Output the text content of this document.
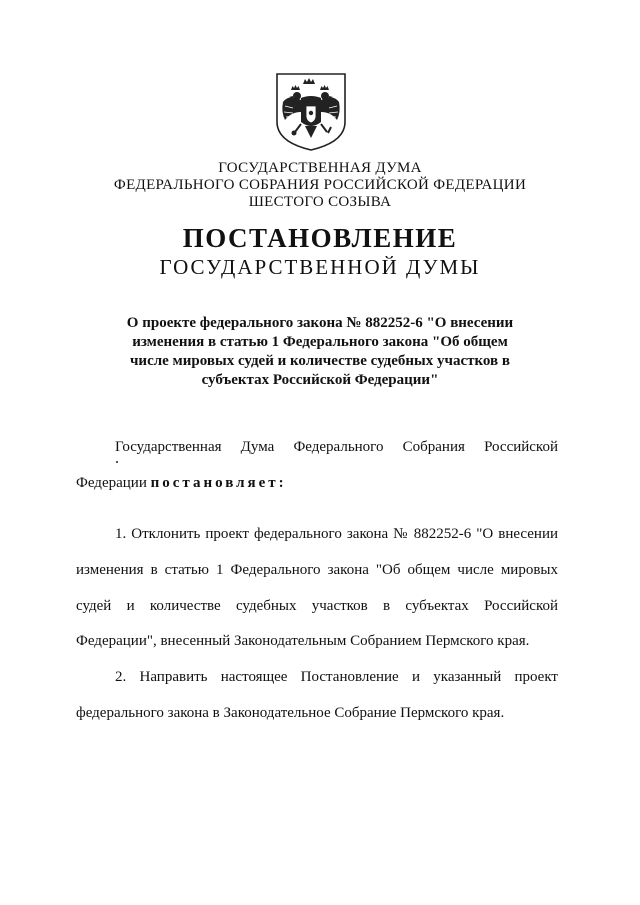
ГОСУДАРСТВЕННАЯ ДУМА
ФЕДЕРАЛЬНОГО СОБРАНИЯ РОССИЙСКОЙ ФЕДЕРАЦИИ
ШЕСТОГО СОЗЫВА
ПОСТАНОВЛЕНИЕ
ГОСУДАРСТВЕННОЙ ДУМЫ
О проекте федерального закона № 882252-6 "О внесении
изменения в статью 1 Федерального закона "Об общем
числе мировых судей и количестве судебных участков в
субъектах Российской Федерации"
Государственная Дума Федерального Собрания Российской
Федерации постановляет:
1. Отклонить проект федерального закона № 882252-6 "О внесении
изменения в статью 1 Федерального закона "Об общем числе мировых
судей и количестве судебных участков в субъектах Российской
Федерации", внесенный Законодательным Собранием Пермского края.
2. Направить настоящее Постановление и указанный проект
федерального закона в Законодательное Собрание Пермского края.
